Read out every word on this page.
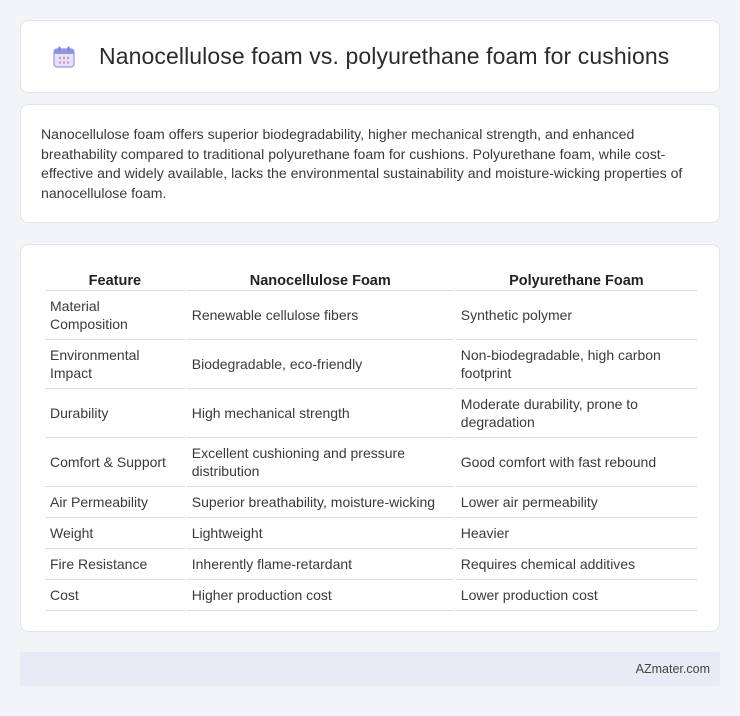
Nanocellulose foam vs. polyurethane foam for cushions

Nanocellulose foam offers superior biodegradability, higher mechanical strength, and enhanced breathability compared to traditional polyurethane foam for cushions. Polyurethane foam, while cost-effective and widely available, lacks the environmental sustainability and moisture-wicking properties of nanocellulose foam.

Feature	Nanocellulose Foam	Polyurethane Foam
Material Composition	Renewable cellulose fibers	Synthetic polymer
Environmental Impact	Biodegradable, eco-friendly	Non-biodegradable, high carbon footprint
Durability	High mechanical strength	Moderate durability, prone to degradation
Comfort & Support	Excellent cushioning and pressure distribution	Good comfort with fast rebound
Air Permeability	Superior breathability, moisture-wicking	Lower air permeability
Weight	Lightweight	Heavier
Fire Resistance	Inherently flame-retardant	Requires chemical additives
Cost	Higher production cost	Lower production cost
AZmater.com
